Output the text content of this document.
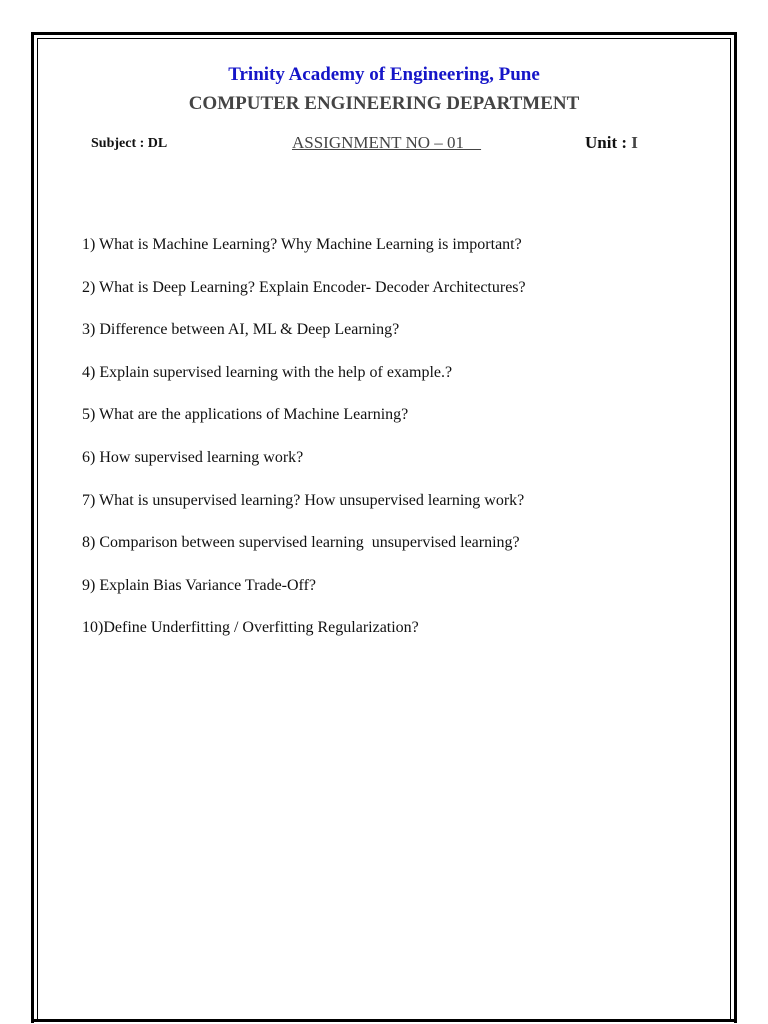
Trinity Academy of Engineering, Pune
COMPUTER ENGINEERING DEPARTMENT
Subject : DL	ASSIGNMENT NO – 01	Unit : I
1) What is Machine Learning? Why Machine Learning is important?
2) What is Deep Learning? Explain Encoder- Decoder Architectures?
3) Difference between AI, ML & Deep Learning?
4) Explain supervised learning with the help of example.?
5) What are the applications of Machine Learning?
6) How supervised learning work?
7) What is unsupervised learning? How unsupervised learning work?
8) Comparison between supervised learning  unsupervised learning?
9) Explain Bias Variance Trade-Off?
10)Define Underfitting / Overfitting Regularization?
